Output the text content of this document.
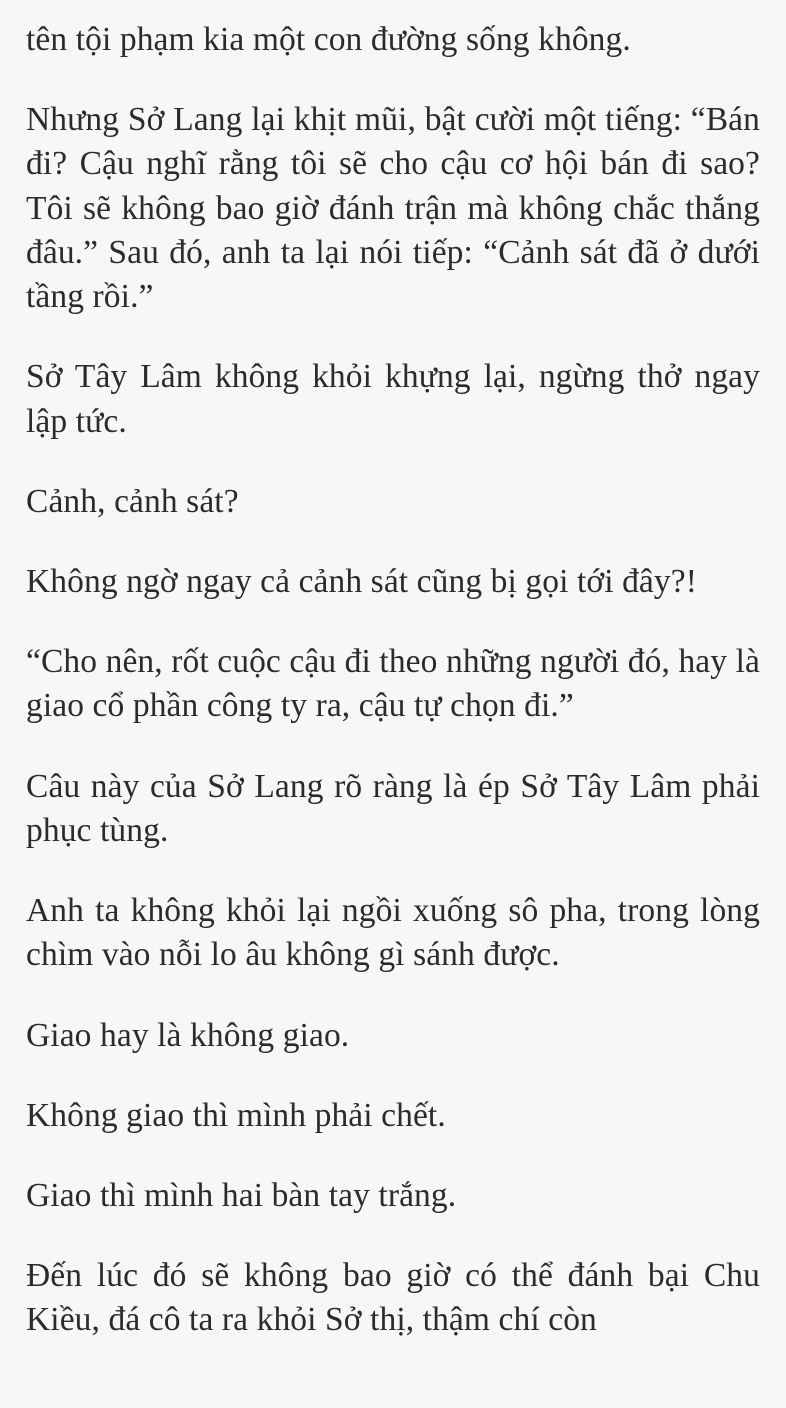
tên tội phạm kia một con đường sống không.

Nhưng Sở Lang lại khịt mũi, bật cười một tiếng: “Bán đi? Cậu nghĩ rằng tôi sẽ cho cậu cơ hội bán đi sao? Tôi sẽ không bao giờ đánh trận mà không chắc thắng đâu.” Sau đó, anh ta lại nói tiếp: “Cảnh sát đã ở dưới tầng rồi.”

Sở Tây Lâm không khỏi khựng lại, ngừng thở ngay lập tức.

Cảnh, cảnh sát?

Không ngờ ngay cả cảnh sát cũng bị gọi tới đây?!

“Cho nên, rốt cuộc cậu đi theo những người đó, hay là giao cổ phần công ty ra, cậu tự chọn đi.”

Câu này của Sở Lang rõ ràng là ép Sở Tây Lâm phải phục tùng.

Anh ta không khỏi lại ngồi xuống sô pha, trong lòng chìm vào nỗi lo âu không gì sánh được.

Giao hay là không giao.

Không giao thì mình phải chết.

Giao thì mình hai bàn tay trắng.

Đến lúc đó sẽ không bao giờ có thể đánh bại Chu Kiều, đá cô ta ra khỏi Sở thị, thậm chí còn
